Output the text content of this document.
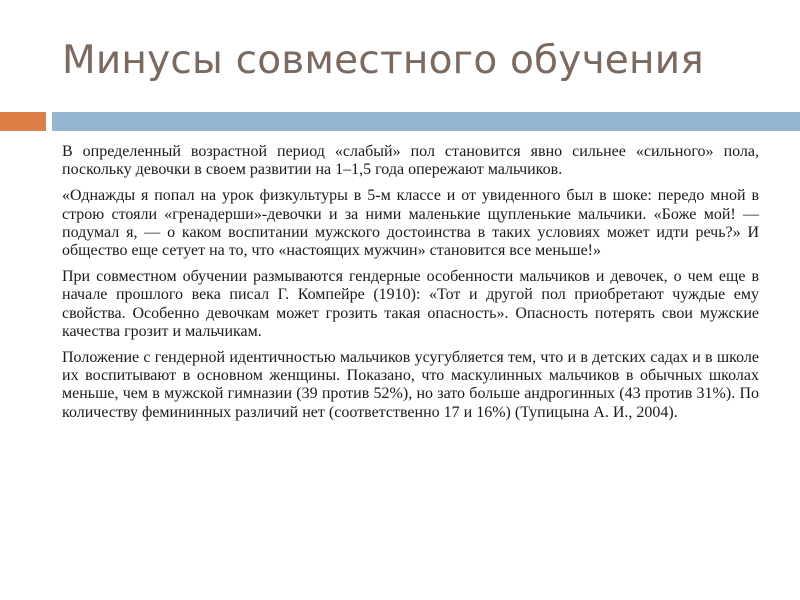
Минусы совместного обучения

В определенный возрастной период «слабый» пол становится явно сильнее «сильного» пола, поскольку девочки в своем развитии на 1–1,5 года опережают мальчиков.

«Однажды я попал на урок физкультуры в 5-м классе и от увиденного был в шоке: передо мной в строю стояли «гренадерши»-девочки и за ними маленькие щупленькие мальчики. «Боже мой! — подумал я, — о каком воспитании мужского достоинства в таких условиях может идти речь?» И общество еще сетует на то, что «настоящих мужчин» становится все меньше!»

При совместном обучении размываются гендерные особенности мальчиков и девочек, о чем еще в начале прошлого века писал Г. Компейре (1910): «Тот и другой пол приобретают чуждые ему свойства. Особенно девочкам может грозить такая опасность». Опасность потерять свои мужские качества грозит и мальчикам.

Положение с гендерной идентичностью мальчиков усугубляется тем, что и в детских садах и в школе их воспитывают в основном женщины. Показано, что маскулинных мальчиков в обычных школах меньше, чем в мужской гимназии (39 против 52%), но зато больше андрогинных (43 против 31%). По количеству фемининных различий нет (соответственно 17 и 16%) (Тупицына А. И., 2004).
